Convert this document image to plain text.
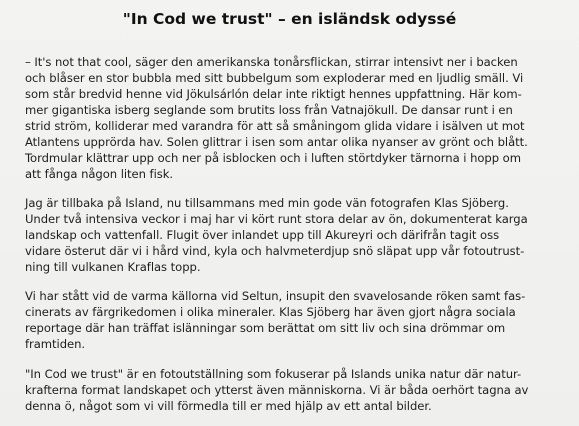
"In Cod we trust" – en isländsk odyssé

– It's not that cool, säger den amerikanska tonårsflickan, stirrar intensivt ner i backen
och blåser en stor bubbla med sitt bubbelgum som exploderar med en ljudlig smäll. Vi
som står bredvid henne vid Jökulsárlón delar inte riktigt hennes uppfattning. Här kom-
mer gigantiska isberg seglande som brutits loss från Vatnajökull. De dansar runt i en
strid ström, kolliderar med varandra för att så småningom glida vidare i isälven ut mot
Atlantens upprörda hav. Solen glittrar i isen som antar olika nyanser av grönt och blått.
Tordmular klättrar upp och ner på isblocken och i luften störtdyker tärnorna i hopp om
att fånga någon liten fisk.

Jag är tillbaka på Island, nu tillsammans med min gode vän fotografen Klas Sjöberg.
Under två intensiva veckor i maj har vi kört runt stora delar av ön, dokumenterat karga
landskap och vattenfall. Flugit över inlandet upp till Akureyri och därifrån tagit oss
vidare österut där vi i hård vind, kyla och halvmeterdjup snö släpat upp vår fotoutrust-
ning till vulkanen Kraflas topp.

Vi har stått vid de varma källorna vid Seltun, insupit den svavelosande röken samt fas-
cinerats av färgrikedomen i olika mineraler. Klas Sjöberg har även gjort några sociala
reportage där han träffat islänningar som berättat om sitt liv och sina drömmar om
framtiden.

"In Cod we trust" är en fotoutställning som fokuserar på Islands unika natur där natur-
krafterna format landskapet och ytterst även människorna. Vi är båda oerhört tagna av
denna ö, något som vi vill förmedla till er med hjälp av ett antal bilder.
